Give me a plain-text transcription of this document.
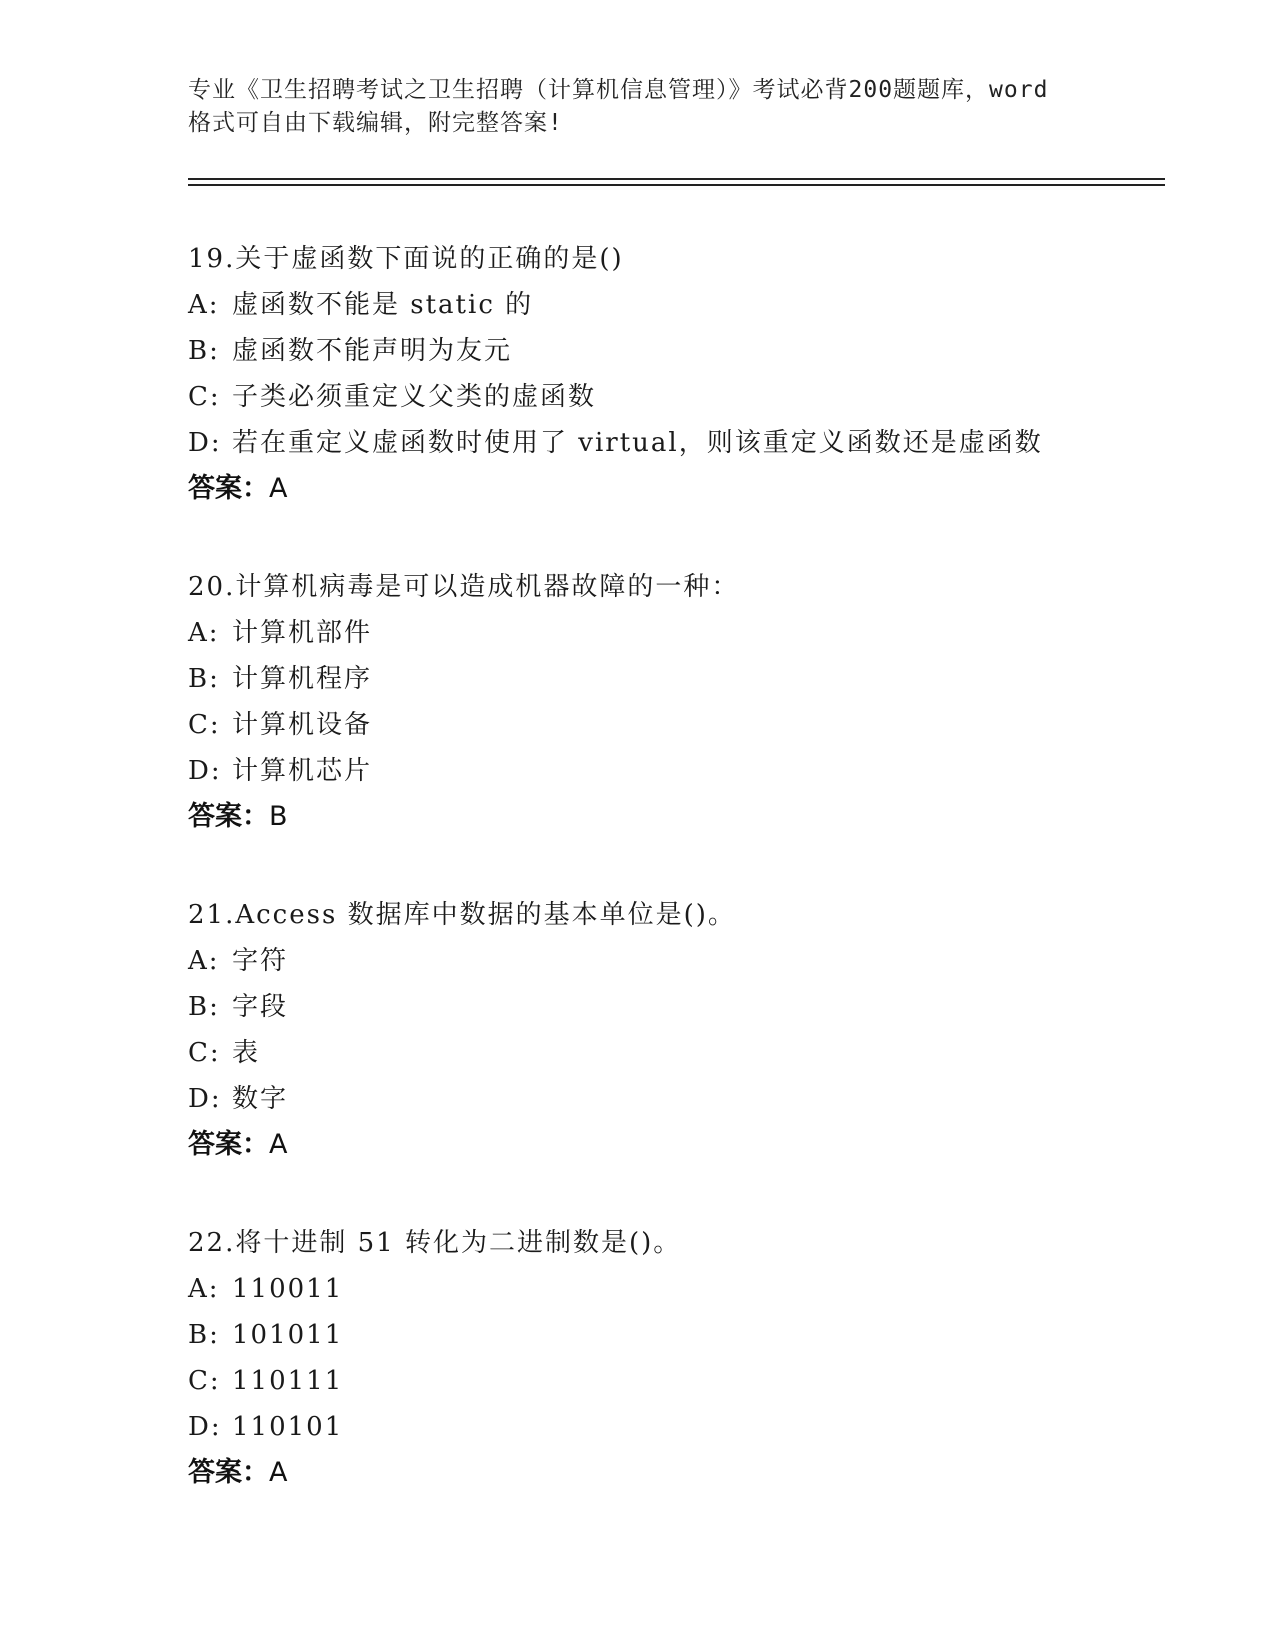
专业《卫生招聘考试之卫生招聘（计算机信息管理）》考试必背200题题库，word
格式可自由下载编辑，附完整答案!
19.关于虚函数下面说的正确的是()
A: 虚函数不能是 static 的
B: 虚函数不能声明为友元
C: 子类必须重定义父类的虚函数
D: 若在重定义虚函数时使用了 virtual，则该重定义函数还是虚函数
答案：A
20.计算机病毒是可以造成机器故障的一种：
A: 计算机部件
B: 计算机程序
C: 计算机设备
D: 计算机芯片
答案：B
21.Access 数据库中数据的基本单位是()。
A: 字符
B: 字段
C: 表
D: 数字
答案：A
22.将十进制 51 转化为二进制数是()。
A: 110011
B: 101011
C: 110111
D: 110101
答案：A
